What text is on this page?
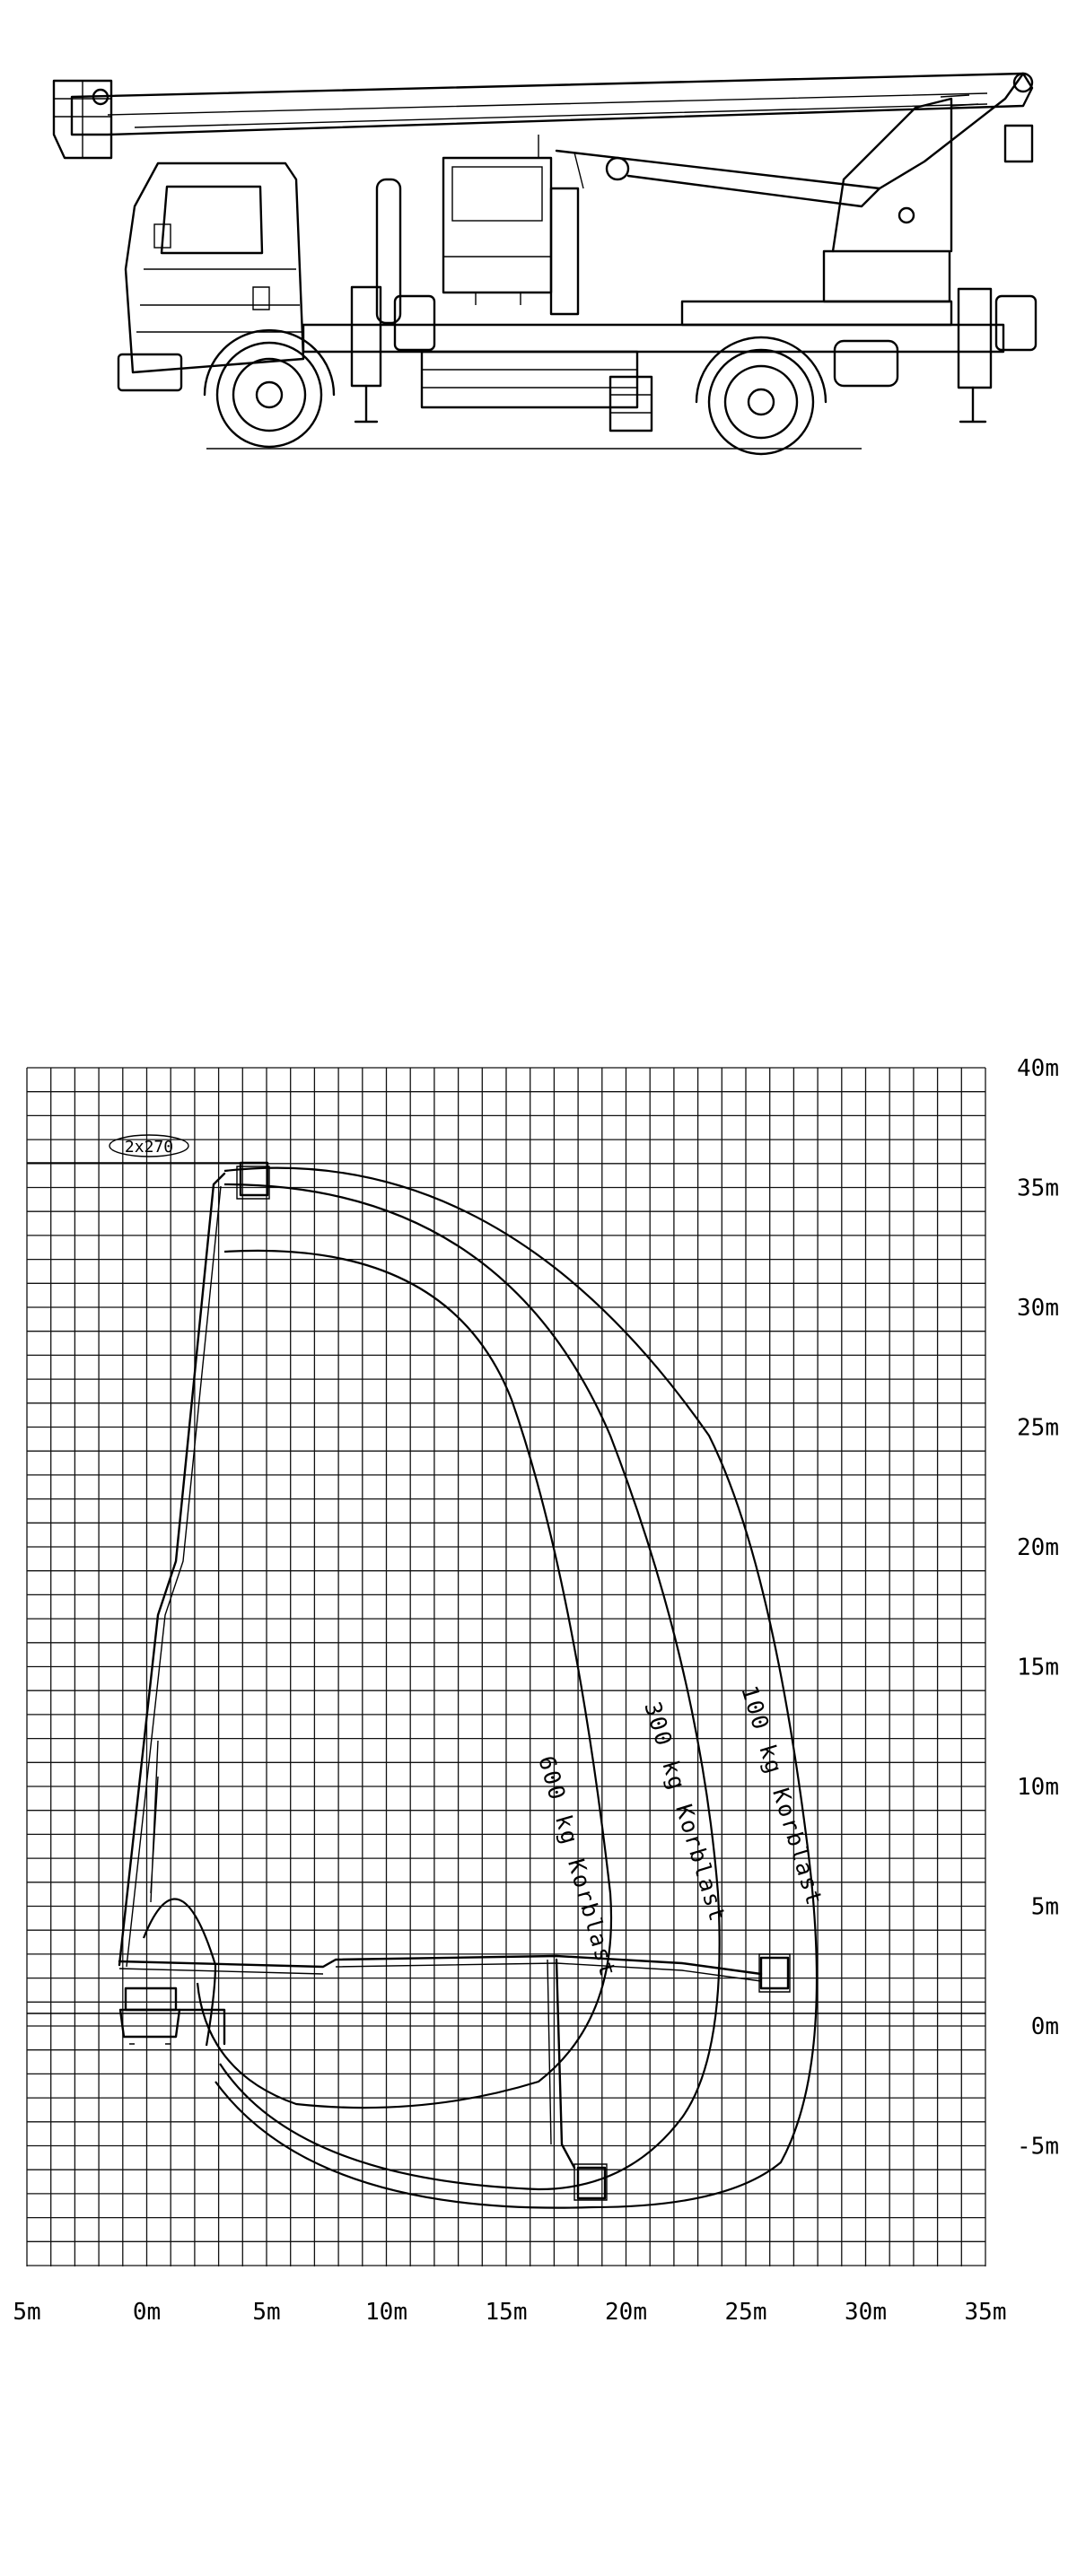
5m	0m	5m	10m	15m	20m	25m	30m	35m
40m
35m
30m
25m
20m
15m
10m
5m
0m
-5m
2x270
600 kg Korblast 300 kg Korblast 100 kg Korblast
